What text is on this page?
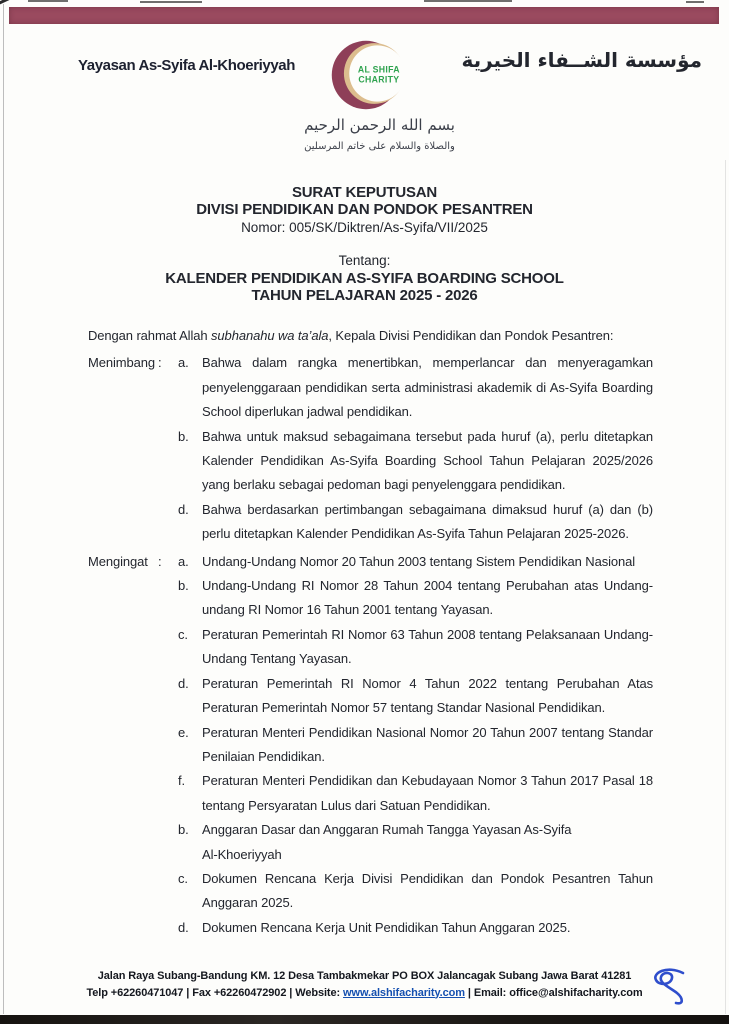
Yayasan As-Syifa Al-Khoeriyyah	AL SHIFA
CHARITY
مؤسسة الشــفاء الخيرية
بسم الله الرحمن الرحيم
والصلاة والسلام على خاتم المرسلين
SURAT KEPUTUSAN
DIVISI PENDIDIKAN DAN PONDOK PESANTREN
Nomor: 005/SK/Diktren/As-Syifa/VII/2025
Tentang:
KALENDER PENDIDIKAN AS-SYIFA BOARDING SCHOOL
TAHUN PELAJARAN 2025 - 2026
Dengan rahmat Allah subhanahu wa ta’ala, Kepala Divisi Pendidikan dan Pondok Pesantren:
Menimbang :	a.	Bahwa dalam rangka menertibkan, memperlancar dan menyeragamkan penyelenggaraan pendidikan serta administrasi akademik di As-Syifa Boarding School diperlukan jadwal pendidikan.
b.	Bahwa untuk maksud sebagaimana tersebut pada huruf (a), perlu ditetapkan Kalender Pendidikan As-Syifa Boarding School Tahun Pelajaran 2025/2026 yang berlaku sebagai pedoman bagi penyelenggara pendidikan.
d.	Bahwa berdasarkan pertimbangan sebagaimana dimaksud huruf (a) dan (b) perlu ditetapkan Kalender Pendidikan As-Syifa Tahun Pelajaran 2025-2026.
Mengingat :	a.	Undang-Undang Nomor 20 Tahun 2003 tentang Sistem Pendidikan Nasional
b.	Undang-Undang RI Nomor 28 Tahun 2004 tentang Perubahan atas Undang-undang RI Nomor 16 Tahun 2001 tentang Yayasan.
c.	Peraturan Pemerintah RI Nomor 63 Tahun 2008 tentang Pelaksanaan Undang-Undang Tentang Yayasan.
d.	Peraturan Pemerintah RI Nomor 4 Tahun 2022 tentang Perubahan Atas Peraturan Pemerintah Nomor 57 tentang Standar Nasional Pendidikan.
e.	Peraturan Menteri Pendidikan Nasional Nomor 20 Tahun 2007 tentang Standar Penilaian Pendidikan.
f.	Peraturan Menteri Pendidikan dan Kebudayaan Nomor 3 Tahun 2017 Pasal 18 tentang Persyaratan Lulus dari Satuan Pendidikan.
b.	Anggaran Dasar dan Anggaran Rumah Tangga Yayasan As-Syifa
Al-Khoeriyyah
c.	Dokumen Rencana Kerja Divisi Pendidikan dan Pondok Pesantren Tahun Anggaran 2025.
d.	Dokumen Rencana Kerja Unit Pendidikan Tahun Anggaran 2025.
Jalan Raya Subang-Bandung KM. 12 Desa Tambakmekar PO BOX Jalancagak Subang Jawa Barat 41281
Telp +62260471047 | Fax +62260472902 | Website: www.alshifacharity.com | Email: office@alshifacharity.com
